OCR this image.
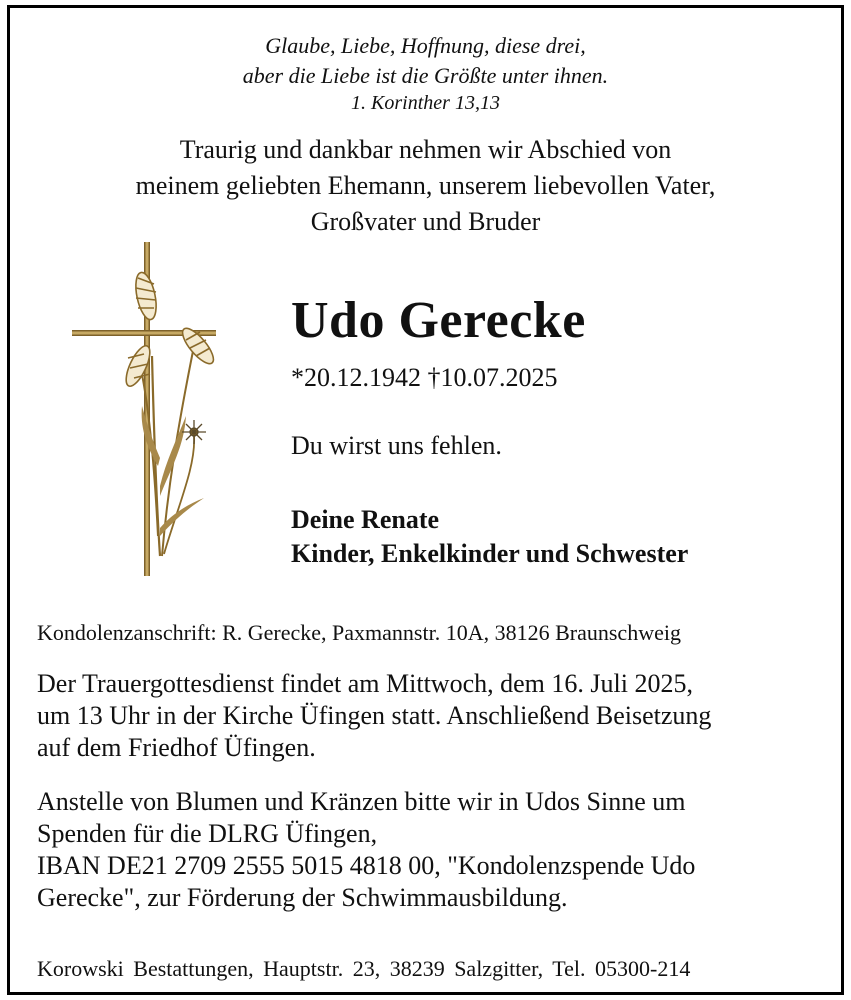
Glaube, Liebe, Hoffnung, diese drei,
aber die Liebe ist die Größte unter ihnen.
1. Korinther 13,13
Traurig und dankbar nehmen wir Abschied von
meinem geliebten Ehemann, unserem liebevollen Vater,
Großvater und Bruder
Udo Gerecke
*20.12.1942 †10.07.2025
Du wirst uns fehlen.
Deine Renate
Kinder, Enkelkinder und Schwester
Kondolenzanschrift: R. Gerecke, Paxmannstr. 10A, 38126 Braunschweig
Der Trauergottesdienst findet am Mittwoch, dem 16. Juli 2025,
um 13 Uhr in der Kirche Üfingen statt. Anschließend Beisetzung
auf dem Friedhof Üfingen.
Anstelle von Blumen und Kränzen bitte wir in Udos Sinne um
Spenden für die DLRG Üfingen,
IBAN DE21 2709 2555 5015 4818 00, "Kondolenzspende Udo
Gerecke", zur Förderung der Schwimmausbildung.
Korowski Bestattungen, Hauptstr. 23, 38239 Salzgitter, Tel. 05300-214
